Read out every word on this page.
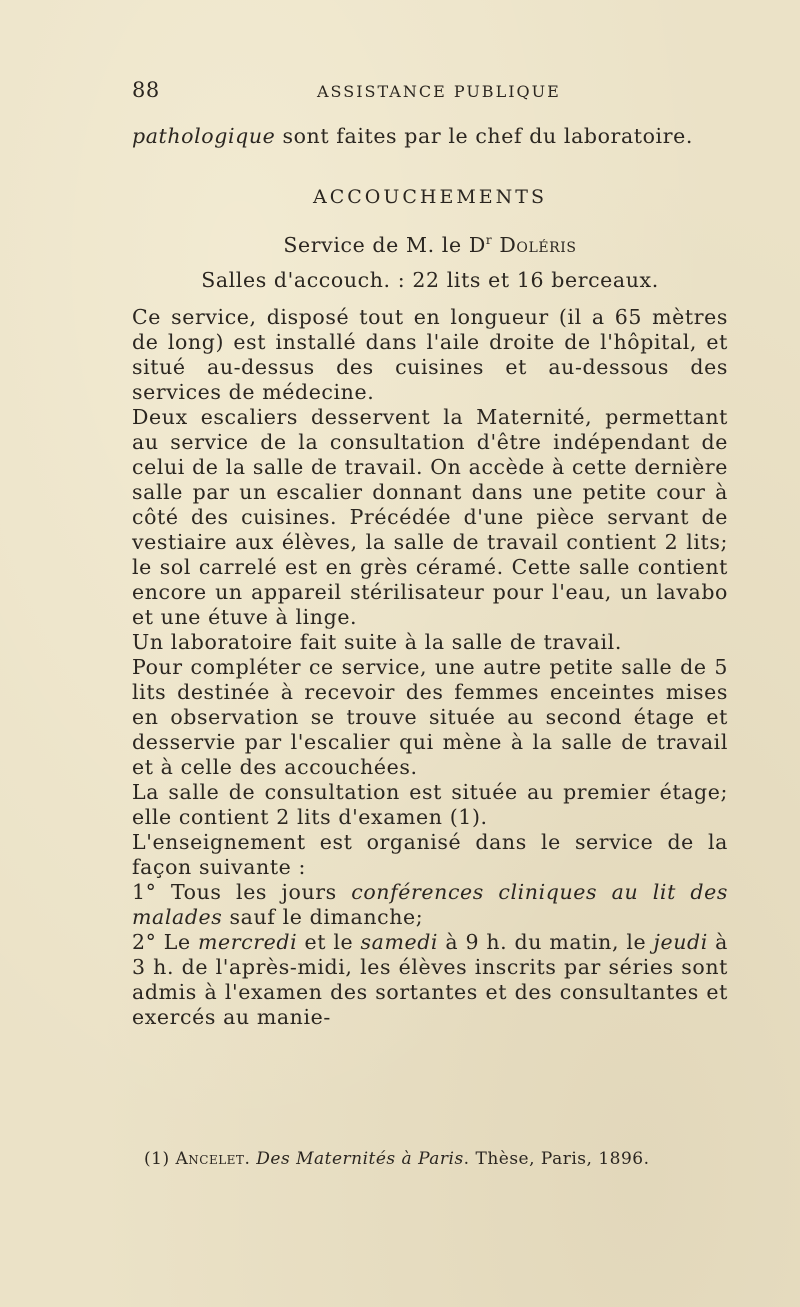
88	ASSISTANCE PUBLIQUE

pathologique sont faites par le chef du laboratoire.

ACCOUCHEMENTS

Service de M. le $D^r$ Doléris

Salles d'accouch. : 22 lits et 16 berceaux.

Ce service, disposé tout en longueur (il a 65 mètres de long) est installé dans l'aile droite de l'hôpital, et situé au-dessus des cuisines et au-dessous des services de médecine.

Deux escaliers desservent la Maternité, permettant au service de la consultation d'être indépendant de celui de la salle de travail. On accède à cette dernière salle par un escalier donnant dans une petite cour à côté des cuisines. Précédée d'une pièce servant de vestiaire aux élèves, la salle de travail contient 2 lits; le sol carrelé est en grès céramé. Cette salle contient encore un appareil stérilisateur pour l'eau, un lavabo et une étuve à linge.

Un laboratoire fait suite à la salle de travail.

Pour compléter ce service, une autre petite salle de 5 lits destinée à recevoir des femmes enceintes mises en observation se trouve située au second étage et desservie par l'escalier qui mène à la salle de travail et à celle des accouchées.

La salle de consultation est située au premier étage; elle contient 2 lits d'examen (1).

L'enseignement est organisé dans le service de la façon suivante :

1° Tous les jours conférences cliniques au lit des malades sauf le dimanche;

2° Le mercredi et le samedi à 9 h. du matin, le jeudi à 3 h. de l'après-midi, les élèves inscrits par séries sont admis à l'examen des sortantes et des consultantes et exercés au manie-

(1) Ancelet. Des Maternités à Paris. Thèse, Paris, 1896.
